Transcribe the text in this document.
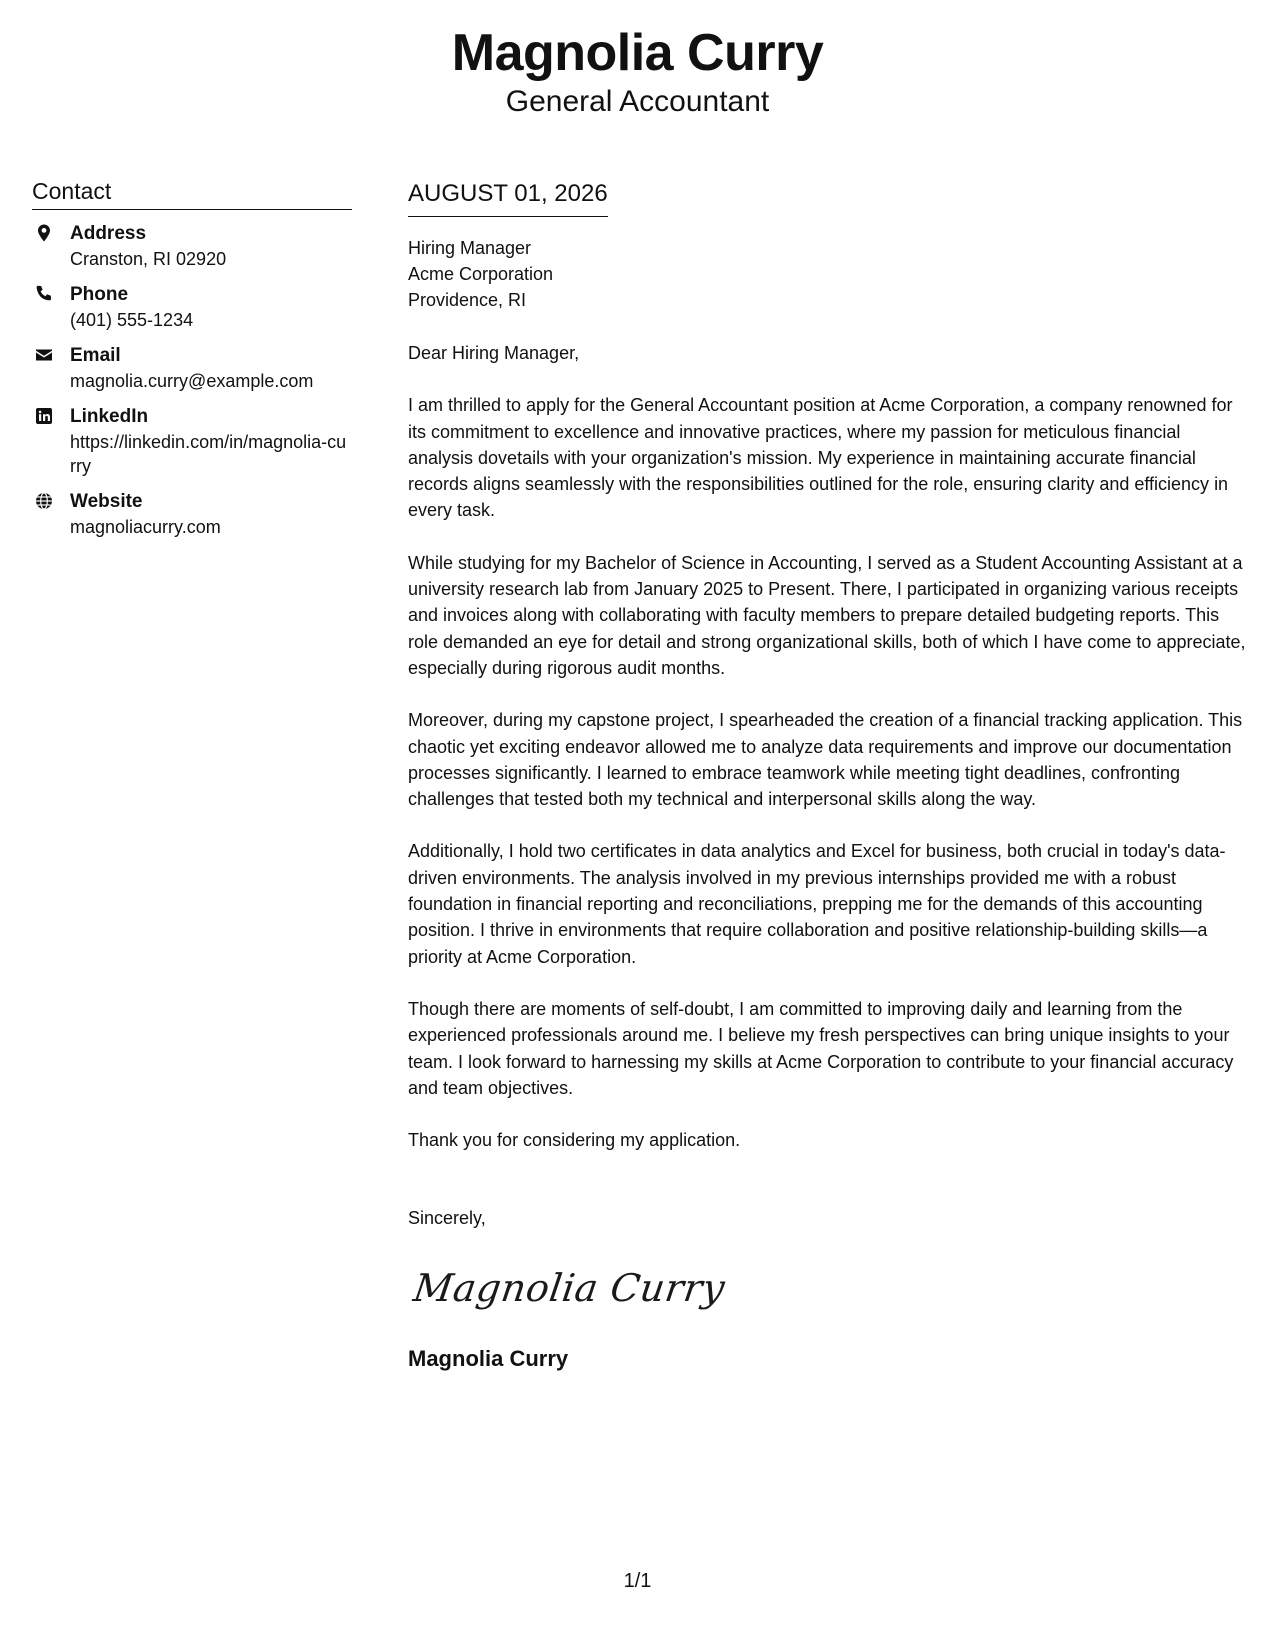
Magnolia Curry
General Accountant
Contact
Address
Cranston, RI 02920
Phone
(401) 555-1234
Email
magnolia.curry@example.com
LinkedIn
https://linkedin.com/in/magnolia-curry
Website
magnoliacurry.com
AUGUST 01, 2026
Hiring Manager
Acme Corporation
Providence, RI
Dear Hiring Manager,
I am thrilled to apply for the General Accountant position at Acme Corporation, a company renowned for its commitment to excellence and innovative practices, where my passion for meticulous financial analysis dovetails with your organization's mission. My experience in maintaining accurate financial records aligns seamlessly with the responsibilities outlined for the role, ensuring clarity and efficiency in every task.
While studying for my Bachelor of Science in Accounting, I served as a Student Accounting Assistant at a university research lab from January 2025 to Present. There, I participated in organizing various receipts and invoices along with collaborating with faculty members to prepare detailed budgeting reports. This role demanded an eye for detail and strong organizational skills, both of which I have come to appreciate, especially during rigorous audit months.
Moreover, during my capstone project, I spearheaded the creation of a financial tracking application. This chaotic yet exciting endeavor allowed me to analyze data requirements and improve our documentation processes significantly. I learned to embrace teamwork while meeting tight deadlines, confronting challenges that tested both my technical and interpersonal skills along the way.
Additionally, I hold two certificates in data analytics and Excel for business, both crucial in today's data-driven environments. The analysis involved in my previous internships provided me with a robust foundation in financial reporting and reconciliations, prepping me for the demands of this accounting position. I thrive in environments that require collaboration and positive relationship-building skills—a priority at Acme Corporation.
Though there are moments of self-doubt, I am committed to improving daily and learning from the experienced professionals around me. I believe my fresh perspectives can bring unique insights to your team. I look forward to harnessing my skills at Acme Corporation to contribute to your financial accuracy and team objectives.
Thank you for considering my application.
Sincerely,
Magnolia Curry
Magnolia Curry
1/1
